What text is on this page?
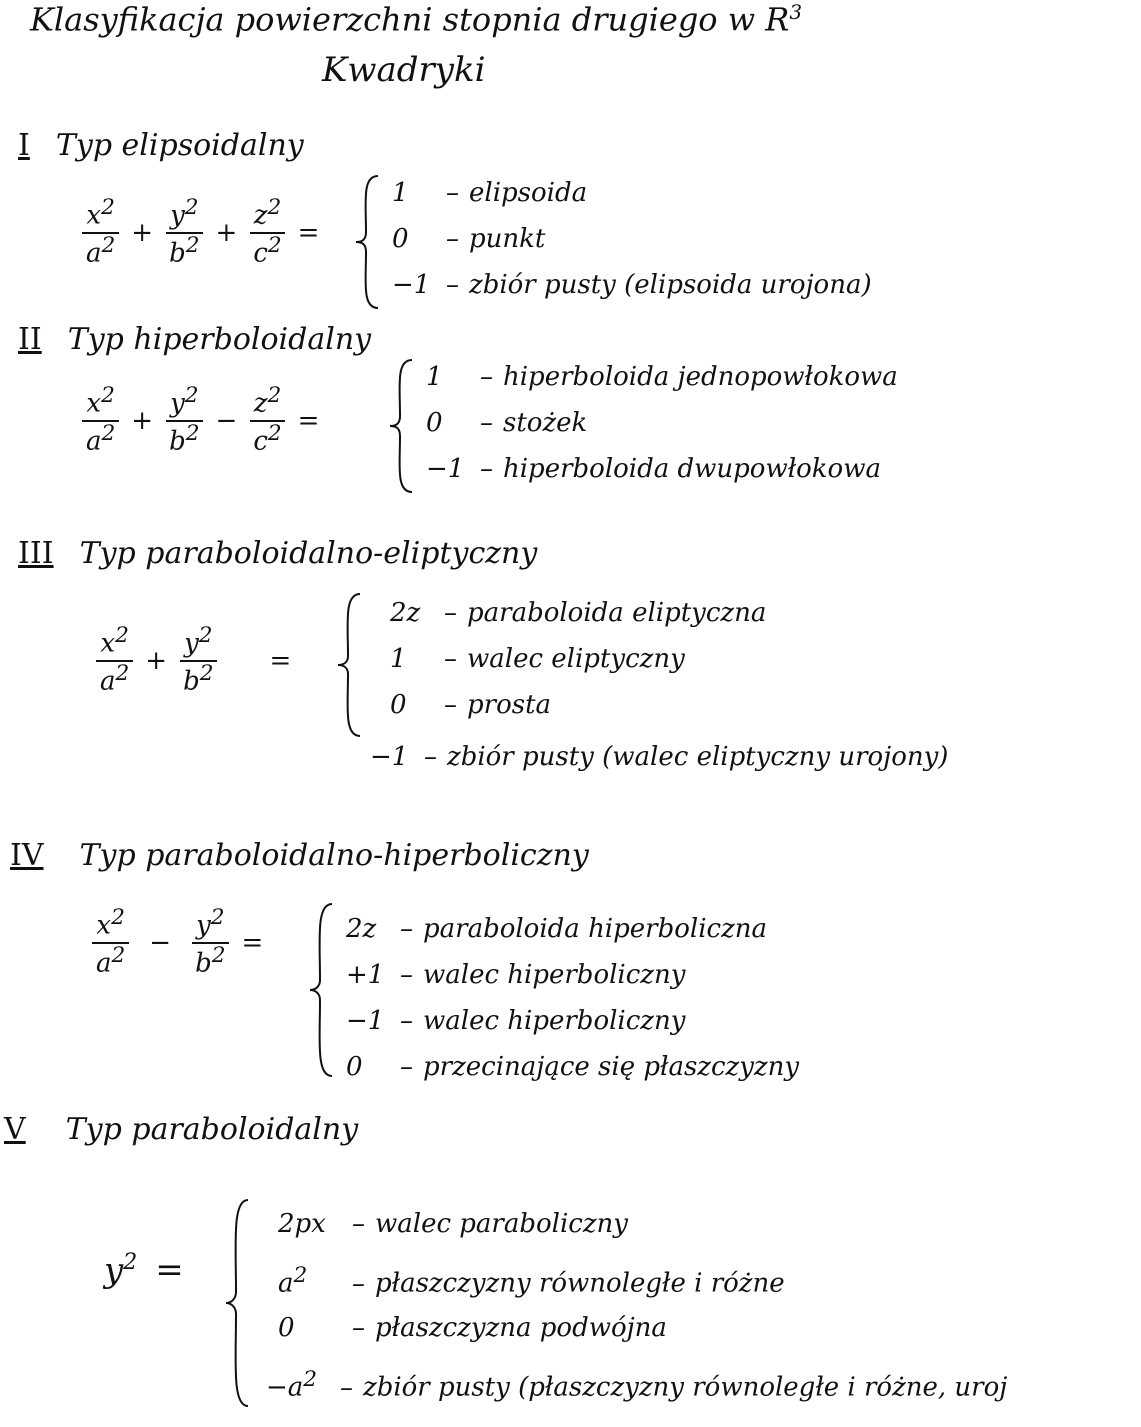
Klasyfikacja powierzchni stopnia drugiego w $R^3$
Kwadryki
I Typ elipsoidalny
$\frac{x^2}{a^2} + \frac{y^2}{b^2} + \frac{z^2}{c^2}$ =
1 – elipsoida
0 – punkt
−1 – zbiór pusty (elipsoida urojona)
II Typ hiperboloidalny
$\frac{x^2}{a^2} + \frac{y^2}{b^2} - \frac{z^2}{c^2}$ =
1 – hiperboloida jednopowłokowa
0 – stożek
−1 – hiperboloida dwupowłokowa
III Typ paraboloidalno-eliptyczny
$\frac{x^2}{a^2} + \frac{y^2}{b^2}$ =
2z – paraboloida eliptyczna
1 – walec eliptyczny
0 – prosta
−1 – zbiór pusty (walec eliptyczny urojony)
IV Typ paraboloidalno-hiperboliczny
$\frac{x^2}{a^2} - \frac{y^2}{b^2}$ =	2z – paraboloida hiperboliczna
+1 – walec hiperboliczny
−1 – walec hiperboliczny
0 – przecinające się płaszczyzny
V Typ paraboloidalny
$y^2$ =
2px – walec paraboliczny
$a^2$ – płaszczyzny równoległe i różne
0 – płaszczyzna podwójna
$-a^2$ – zbiór pusty (płaszczyzny równoległe i różne, uroj
